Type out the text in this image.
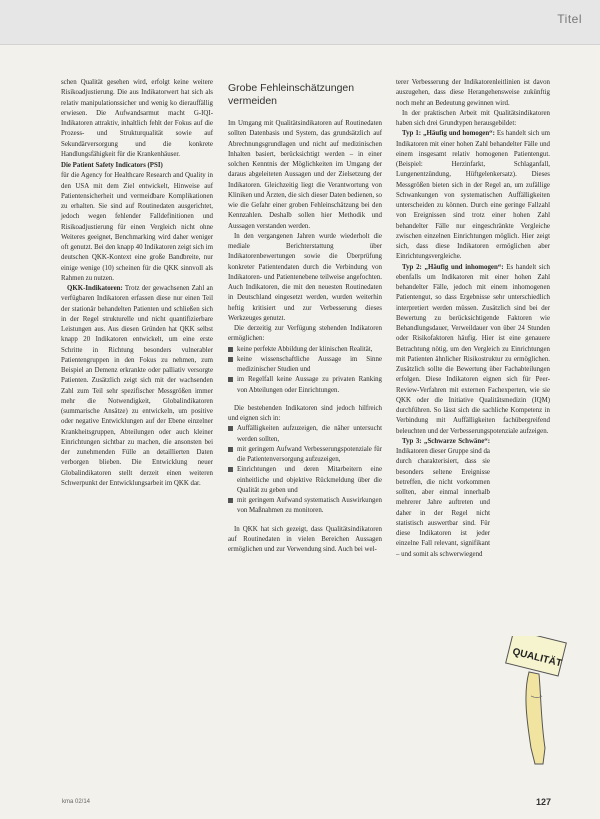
Titel

schen Qualität gesehen wird, erfolgt keine weitere Risikoadjustierung. Die aus Indikatorwert hat sich als relativ manipulationssicher und wenig ko dierauffällig erwiesen. Die Aufwandsarmut macht G-IQI-Indikatoren attraktiv, inhaltlich fehlt der Fokus auf die Prozess- und Strukturqualität sowie auf Sekundärversorgung und die konkrete Handlungsfähigkeit für die Krankenhäuser.

Die Patient Safety Indicators (PSI)

für die Agency for Healthcare Research and Quality in den USA mit dem Ziel entwickelt, Hinweise auf Patientensicherheit und vermeidbare Komplikationen zu erhalten. Sie sind auf Routinedaten ausgerichtet, jedoch wegen fehlender Falldefinitionen und Risikoadjustierung für einen Vergleich nicht ohne Weiteres geeignet, Benchmarking wird daher weniger oft genutzt. Bei den knapp 40 Indikatoren zeigt sich im deutschen QKK-Kontext eine große Bandbreite, nur einige wenige (10) scheinen für die QKK sinnvoll als Rahmen zu nutzen.

QKK-Indikatoren: Trotz der gewachsenen Zahl an verfügbaren Indikatoren erfassen diese nur einen Teil der stationär behandelten Patienten und schließen sich in der Regel strukturelle und nicht quantifizierbare Leistungen aus. Aus diesen Gründen hat QKK selbst knapp 20 Indikatoren entwickelt, um eine erste Schritte in Richtung besonders vulnerabler Patientengruppen in den Fokus zu nehmen, zum Beispiel an Demenz erkrankte oder palliativ versorgte Patienten. Zusätzlich zeigt sich mit der wachsenden Zahl zum Teil sehr spezifischer Messgrößen immer mehr die Notwendigkeit, Globalindikatoren (summarische Ansätze) zu entwickeln, um positive oder negative Entwicklungen auf der Ebene einzelner Krankheitsgruppen, Abteilungen oder auch kleiner Einrichtungen sichtbar zu machen, die ansonsten bei der zunehmenden Fülle an detaillierten Daten verborgen blieben. Die Entwicklung neuer Globalindikatoren stellt derzeit einen weiteren Schwerpunkt der Entwicklungsarbeit im QKK dar.

Grobe Fehleinschätzungen vermeiden

Im Umgang mit Qualitätsindikatoren auf Routinedaten sollten Datenbasis und System, das grundsätzlich auf Abrechnungsgrundlagen und nicht auf medizinischen Inhalten basiert, berücksichtigt werden – in einer solchen Kenntnis der Möglichkeiten im Umgang der daraus abgeleiteten Aussagen und der Zielsetzung der Indikatoren. Gleichzeitig liegt die Verantwortung von Kliniken und Ärzten, die sich dieser Daten bedienen, so wie die Gefahr einer groben Fehleinschätzung bei den Kennzahlen. Deshalb sollen hier Methodik und Aussagen verstanden werden.

In den vergangenen Jahren wurde wiederholt die mediale Berichterstattung über Indikatorenbewertungen sowie die Überprüfung konkreter Patientendaten durch die Verbindung von Indikatoren- und Patientenebene teilweise angefochten. Auch Indikatoren, die mit den neuesten Routinedaten in Deutschland eingesetzt werden, wurden weiterhin heftig kritisiert und zur Verbesserung dieses Werkzeuges genutzt.

Die derzeitig zur Verfügung stehenden Indikatoren ermöglichen:

keine perfekte Abbildung der klinischen Realität,
keine wissenschaftliche Aussage im Sinne medizinischer Studien und
im Regelfall keine Aussage zu privaten Ranking von Abteilungen oder Einrichtungen.

Die bestehenden Indikatoren sind jedoch hilfreich und eignen sich in:

Auffälligkeiten aufzuzeigen, die näher untersucht werden sollten,
mit geringem Aufwand Verbesserungspotenziale für die Patientenversorgung aufzuzeigen,
Einrichtungen und deren Mitarbeitern eine einheitliche und objektive Rückmeldung über die Qualität zu geben und
mit geringem Aufwand systematisch Auswirkungen von Maßnahmen zu monitoren.

In QKK hat sich gezeigt, dass Qualitätsindikatoren auf Routinedaten in vielen Bereichen Aussagen ermöglichen und zur Verwendung sind. Auch bei wel-

terer Verbesserung der Indikatorenleitlinien ist davon auszugehen, dass diese Herangehensweise zukünftig noch mehr an Bedeutung gewinnen wird.

In der praktischen Arbeit mit Qualitätsindikatoren haben sich drei Grundtypen herausgebildet:

Typ 1: „Häufig und homogen“: Es handelt sich um Indikatoren mit einer hohen Zahl behandelter Fälle und einem insgesamt relativ homogenen Patientengut. (Beispiel: Herzinfarkt, Schlaganfall, Lungenentzündung, Hüftgelenkersatz). Dieses Messgrößen bieten sich in der Regel an, um zufällige Schwankungen von systematischen Auffälligkeiten unterscheiden zu können. Durch eine geringe Fallzahl von Ereignissen sind trotz einer hohen Zahl behandelter Fälle nur eingeschränkte Vergleiche zwischen einzelnen Einrichtungen möglich. Hier zeigt sich, dass diese Indikatoren ermöglichen aber Einrichtungsvergleiche.

Typ 2: „Häufig und inhomogen“: Es handelt sich ebenfalls um Indikatoren mit einer hohen Zahl behandelter Fälle, jedoch mit einem inhomogenen Patientengut, so dass Ergebnisse sehr unterschiedlich interpretiert werden müssen. Zusätzlich sind bei der Bewertung zu berücksichtigende Faktoren wie Behandlungsdauer, Verweildauer von über 24 Stunden oder Risikofaktoren häufig. Hier ist eine genauere Betrachtung nötig, um den Vergleich zu Einrichtungen mit Patienten ähnlicher Risikostruktur zu ermöglichen. Zusätzlich sollte die Bewertung über Fachabteilungen erfolgen. Diese Indikatoren eignen sich für Peer-Review-Verfahren mit externen Fachexperten, wie sie QKK oder die Initiative Qualitätsmedizin (IQM) durchführen. So lässt sich die sachliche Kompetenz in Verbindung mit Auffälligkeiten fachübergreifend beleuchten und der Verbesserungspotenziale aufzeigen.

Typ 3: „Schwarze Schwäne“: Indikatoren dieser Gruppe sind da durch charakterisiert, dass sie besonders seltene Ereignisse betreffen, die nicht vorkommen sollten, aber einmal innerhalb mehrerer Jahre auftreten und daher in der Regel nicht statistisch auswertbar sind. Für diese Indikatoren ist jeder einzelne Fall relevant, signifikant – und somit als schwerwiegend

QUALITÄT
kma 02/14	127
